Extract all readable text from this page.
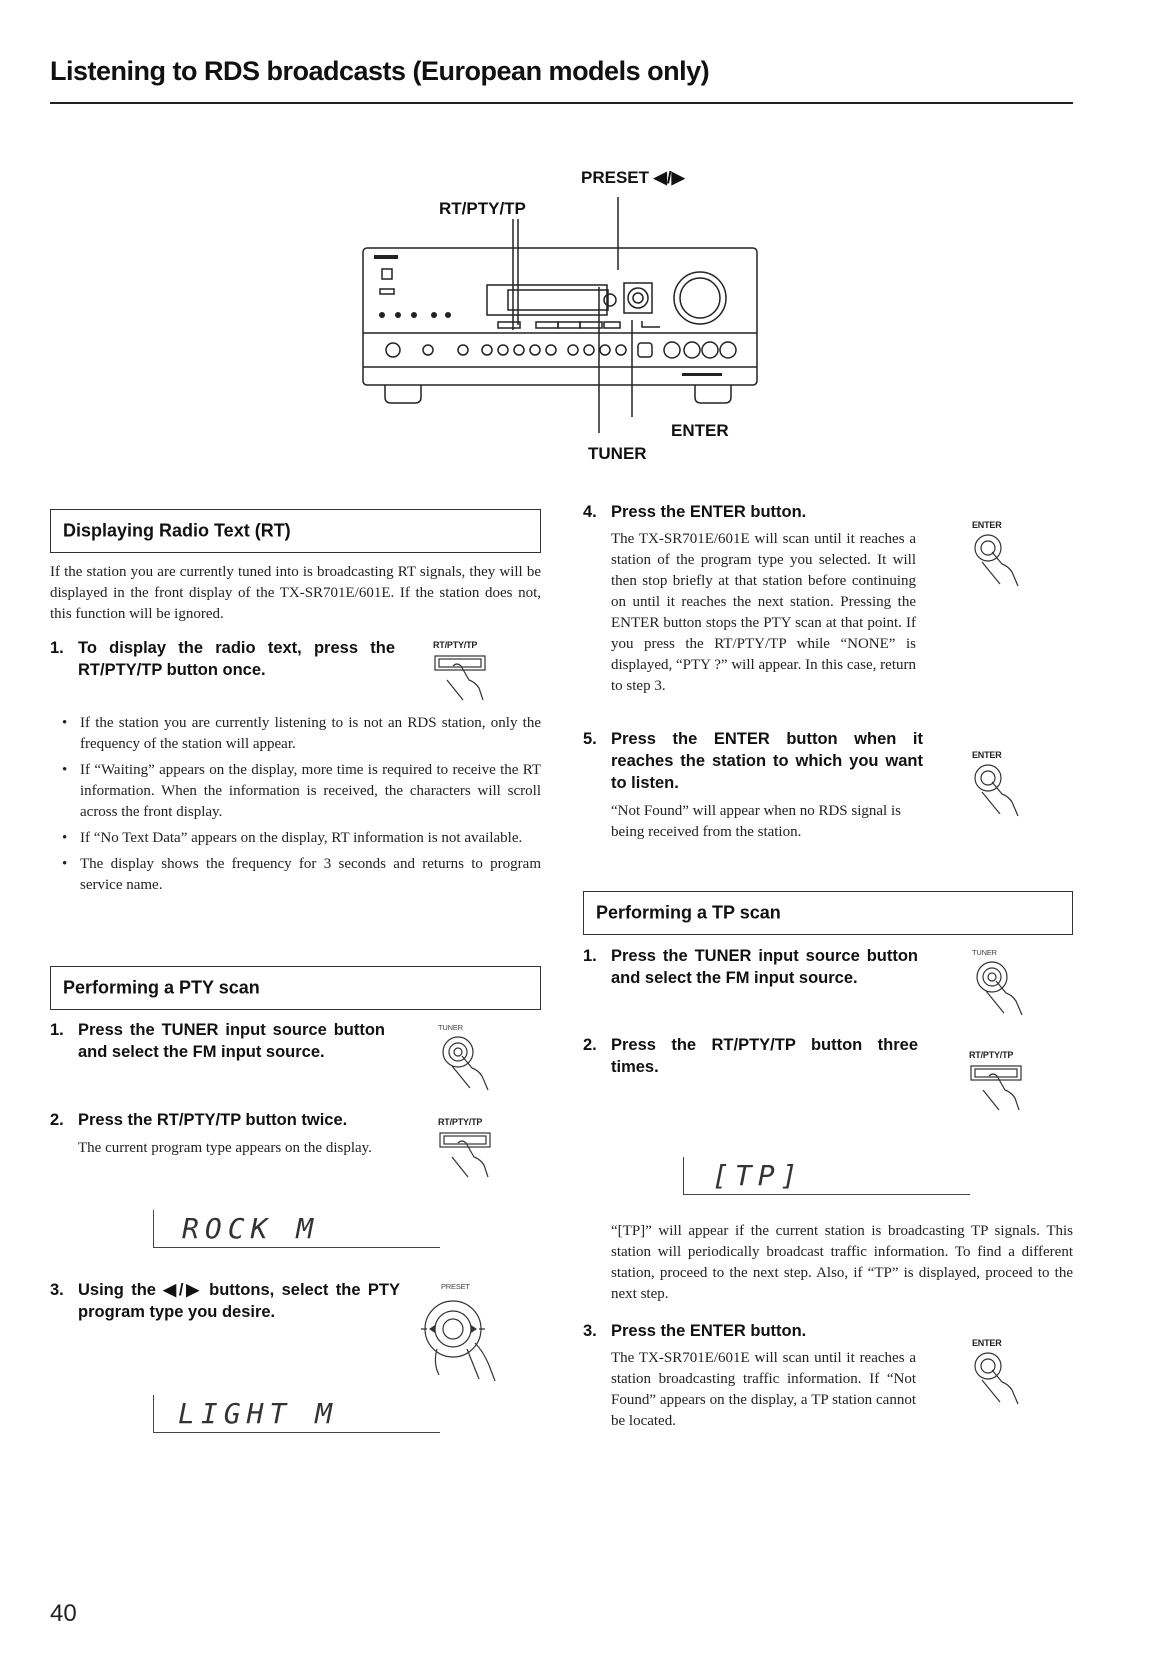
Listening to RDS broadcasts (European models only)
PRESET ◀/▶
RT/PTY/TP
ENTER
TUNER
Displaying Radio Text (RT)

If the station you are currently tuned into is broadcasting RT signals, they will be displayed in the front display of the TX-SR701E/601E. If the station does not, this function will be ignored.

1. To display the radio text, press the RT/PTY/TP button once.
RT/PTY/TP
• If the station you are currently listening to is not an RDS station, only the frequency of the station will appear.
• If “Waiting” appears on the display, more time is required to receive the RT information. When the information is received, the characters will scroll across the front display.
• If “No Text Data” appears on the display, RT information is not available.
• The display shows the frequency for 3 seconds and returns to program service name.
Performing a PTY scan
1. Press the TUNER input source button and select the FM input source.
TUNER
2. Press the RT/PTY/TP button twice.

The current program type appears on the display.

RT/PTY/TP
ROCK M
3. Using the ◀/▶ buttons, select the PTY program type you desire.
PRESET
LIGHT M
4. Press the ENTER button.

The TX-SR701E/601E will scan until it reaches a station of the program type you selected. It will then stop briefly at that station before continuing on until it reaches the next station. Pressing the ENTER button stops the PTY scan at that point. If you press the RT/PTY/TP while “NONE” is displayed, “PTY ?” will appear. In this case, return to step 3.

ENTER
5. Press the ENTER button when it reaches the station to which you want to listen.

“Not Found” will appear when no RDS signal is being received from the station.

ENTER
Performing a TP scan
1. Press the TUNER input source button and select the FM input source.
TUNER
2. Press the RT/PTY/TP button three times.
RT/PTY/TP
[TP]

“[TP]” will appear if the current station is broadcasting TP signals. This station will periodically broadcast traffic information. To find a different station, proceed to the next step. Also, if “TP” is displayed, proceed to the next step.

3. Press the ENTER button.

The TX-SR701E/601E will scan until it reaches a station broadcasting traffic information. If “Not Found” appears on the display, a TP station cannot be located.

ENTER
40
